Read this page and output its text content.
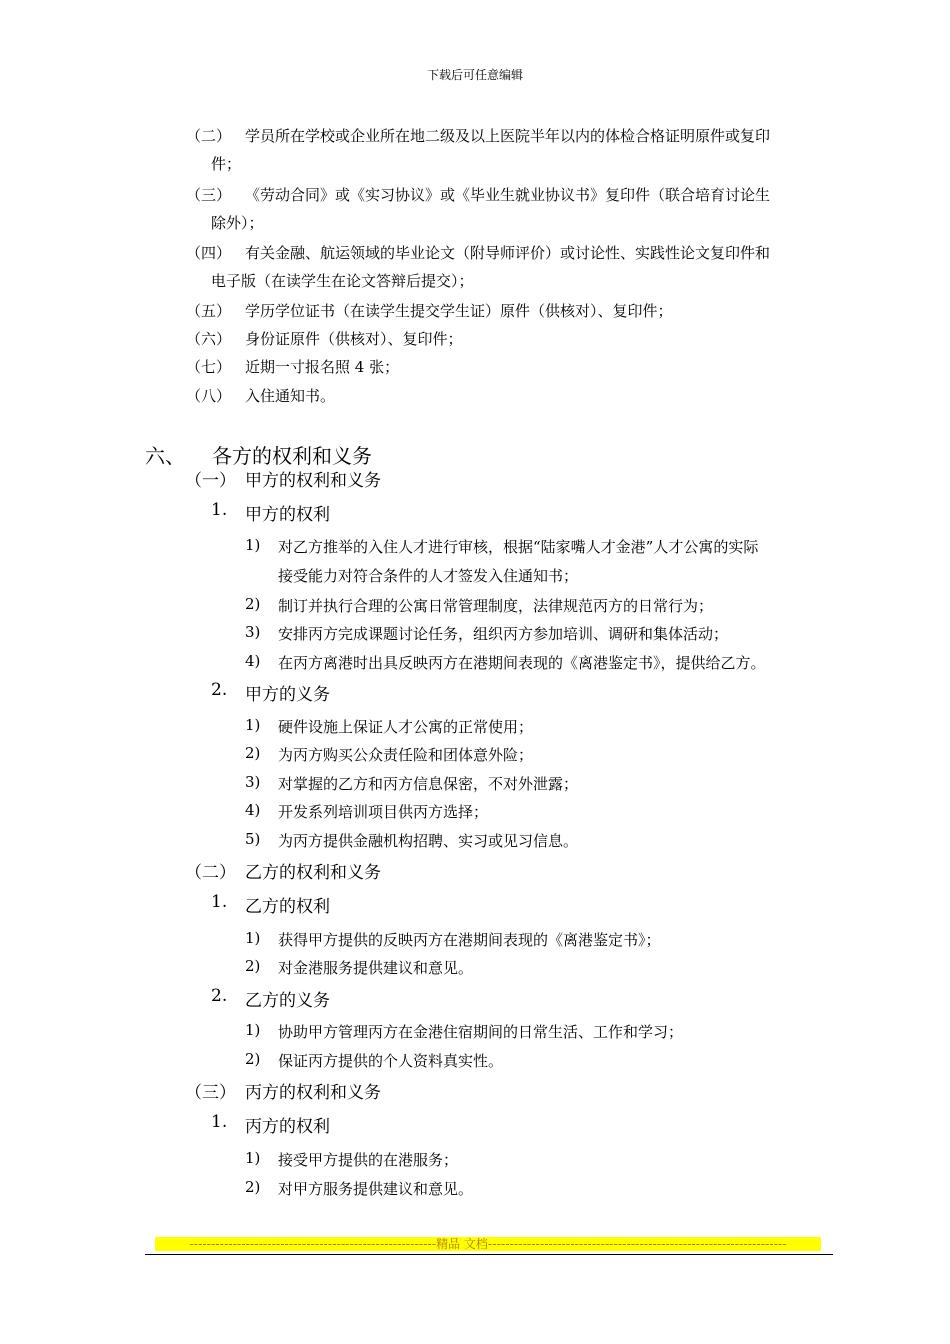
下载后可任意编辑
（二） 学员所在学校或企业所在地二级及以上医院半年以内的体检合格证明原件或复印
件；
（三） 《劳动合同》或《实习协议》或《毕业生就业协议书》复印件（联合培育讨论生
除外）；
（四） 有关金融、航运领域的毕业论文（附导师评价）或讨论性、实践性论文复印件和
电子版（在读学生在论文答辩后提交）；
（五） 学历学位证书（在读学生提交学生证）原件（供核对）、复印件；
（六） 身份证原件（供核对）、复印件；
（七） 近期一寸报名照 4 张；
（八） 入住通知书。
六、 各方的权利和义务
（一） 甲方的权利和义务
1. 甲方的权利
1) 对乙方推举的入住人才进行审核，根据“陆家嘴人才金港”人才公寓的实际
接受能力对符合条件的人才签发入住通知书；
2) 制订并执行合理的公寓日常管理制度，法律规范丙方的日常行为；
3) 安排丙方完成课题讨论任务，组织丙方参加培训、调研和集体活动；
4) 在丙方离港时出具反映丙方在港期间表现的《离港鉴定书》，提供给乙方。
2. 甲方的义务
1) 硬件设施上保证人才公寓的正常使用；
2) 为丙方购买公众责任险和团体意外险；
3) 对掌握的乙方和丙方信息保密，不对外泄露；
4) 开发系列培训项目供丙方选择；
5) 为丙方提供金融机构招聘、实习或见习信息。
（二） 乙方的权利和义务
1. 乙方的权利
1) 获得甲方提供的反映丙方在港期间表现的《离港鉴定书》；
2) 对金港服务提供建议和意见。
2. 乙方的义务
1) 协助甲方管理丙方在金港住宿期间的日常生活、工作和学习；
2) 保证丙方提供的个人资料真实性。
（三） 丙方的权利和义务
1. 丙方的权利
1) 接受甲方提供的在港服务；
2) 对甲方服务提供建议和意见。
---------------------------------------------------------精品 文档---------------------------------------------------------------------
